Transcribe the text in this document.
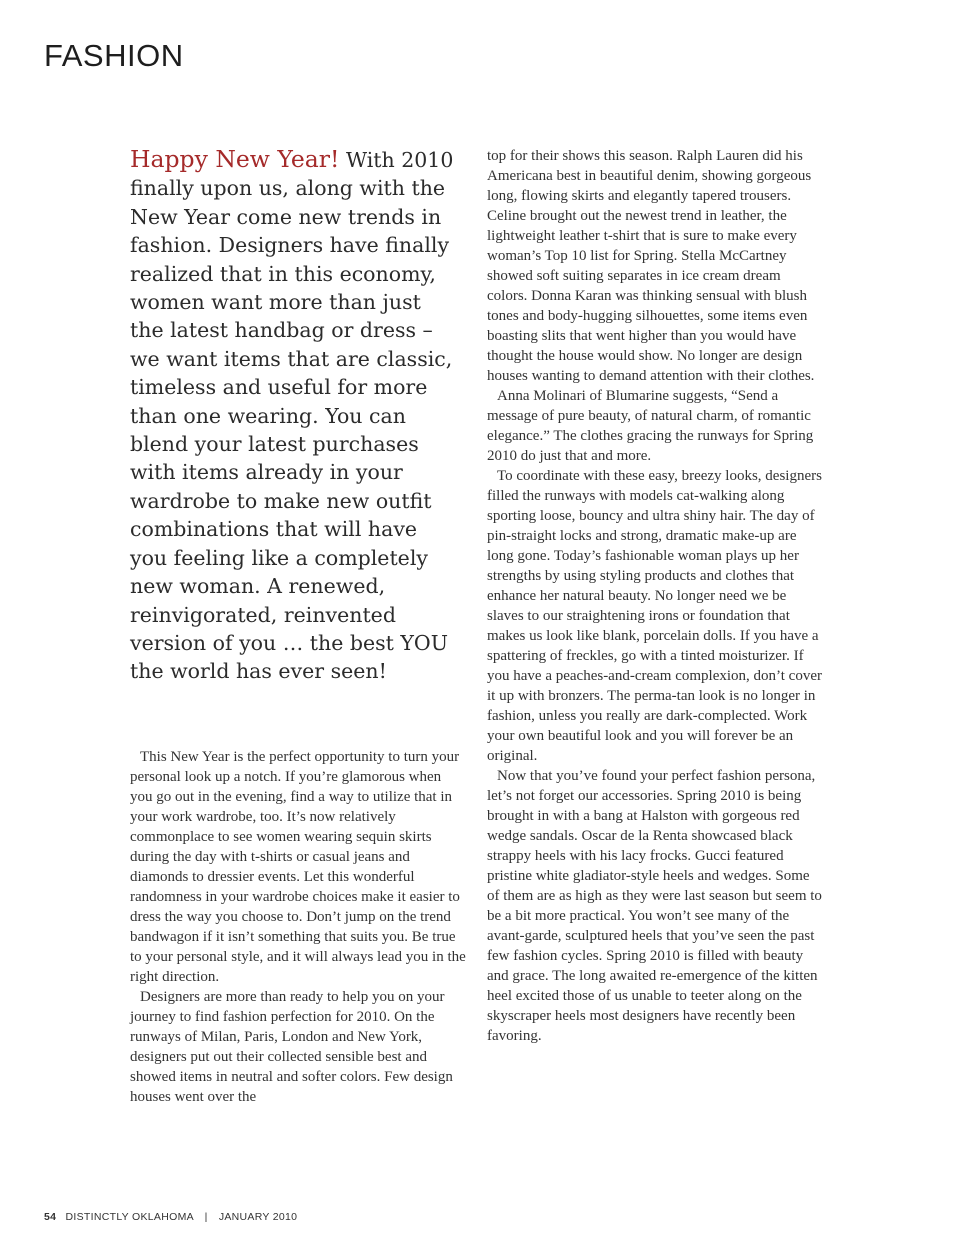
FASHION
Happy New Year! With 2010 finally upon us, along with the New Year come new trends in fashion. Designers have finally realized that in this economy, women want more than just the latest handbag or dress – we want items that are classic, timeless and useful for more than one wearing. You can blend your latest purchases with items already in your wardrobe to make new outfit combinations that will have you feeling like a completely new woman. A renewed, reinvigorated, reinvented version of you … the best YOU the world has ever seen!

This New Year is the perfect opportunity to turn your personal look up a notch. If you’re glamorous when you go out in the evening, find a way to utilize that in your work wardrobe, too. It’s now relatively commonplace to see women wearing sequin skirts during the day with t-shirts or casual jeans and diamonds to dressier events. Let this wonderful randomness in your wardrobe choices make it easier to dress the way you choose to. Don’t jump on the trend bandwagon if it isn’t something that suits you. Be true to your personal style, and it will always lead you in the right direction.

Designers are more than ready to help you on your journey to find fashion perfection for 2010. On the runways of Milan, Paris, London and New York, designers put out their collected sensible best and showed items in neutral and softer colors. Few design houses went over the

top for their shows this season. Ralph Lauren did his Americana best in beautiful denim, showing gorgeous long, flowing skirts and elegantly tapered trousers. Celine brought out the newest trend in leather, the lightweight leather t-shirt that is sure to make every woman’s Top 10 list for Spring. Stella McCartney showed soft suiting separates in ice cream dream colors. Donna Karan was thinking sensual with blush tones and body-hugging silhouettes, some items even boasting slits that went higher than you would have thought the house would show. No longer are design houses wanting to demand attention with their clothes.

Anna Molinari of Blumarine suggests, “Send a message of pure beauty, of natural charm, of romantic elegance.” The clothes gracing the runways for Spring 2010 do just that and more.

To coordinate with these easy, breezy looks, designers filled the runways with models cat-walking along sporting loose, bouncy and ultra shiny hair. The day of pin-straight locks and strong, dramatic make-up are long gone. Today’s fashionable woman plays up her strengths by using styling products and clothes that enhance her natural beauty. No longer need we be slaves to our straightening irons or foundation that makes us look like blank, porcelain dolls. If you have a spattering of freckles, go with a tinted moisturizer. If you have a peaches-and-cream complexion, don’t cover it up with bronzers. The perma-tan look is no longer in fashion, unless you really are dark-complected. Work your own beautiful look and you will forever be an original.

Now that you’ve found your perfect fashion persona, let’s not forget our accessories. Spring 2010 is being brought in with a bang at Halston with gorgeous red wedge sandals. Oscar de la Renta showcased black strappy heels with his lacy frocks. Gucci featured pristine white gladiator-style heels and wedges. Some of them are as high as they were last season but seem to be a bit more practical. You won’t see many of the avant-garde, sculptured heels that you’ve seen the past few fashion cycles. Spring 2010 is filled with beauty and grace. The long awaited re-emergence of the kitten heel excited those of us unable to teeter along on the skyscraper heels most designers have recently been favoring.

54 DISTINCTLY OKLAHOMA | JANUARY 2010
